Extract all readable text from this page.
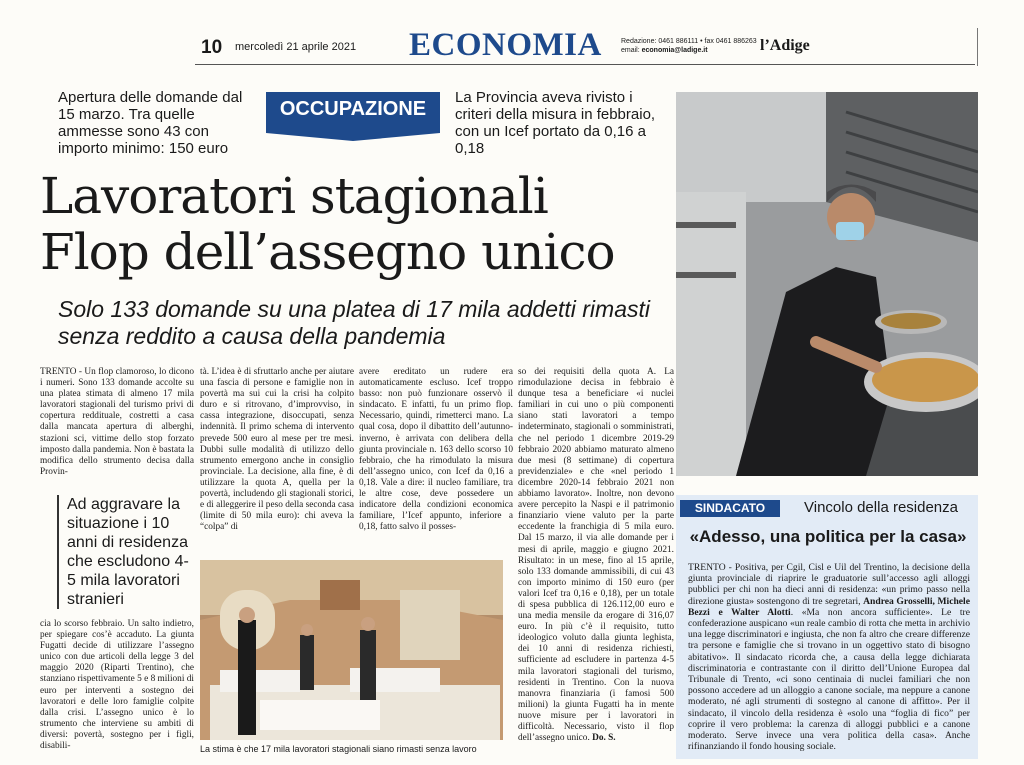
10 mercoledì 21 aprile 2021 ECONOMIA	Redazione: 0461 886111 • fax 0461 886263
email: economia@ladige.it	l’Adige
Apertura delle domande dal 15 marzo. Tra quelle ammesse sono 43 con importo minimo: 150 euro
OCCUPAZIONE
La Provincia aveva rivisto i criteri della misura in febbraio, con un Icef portato da 0,16 a 0,18
Lavoratori stagionali
Flop dell’assegno unico
Solo 133 domande su una platea di 17 mila addetti rimasti senza reddito a causa della pandemia
TRENTO - Un flop clamoroso, lo dicono i numeri. Sono 133 domande accolte su una platea stimata di almeno 17 mila lavoratori stagionali del turismo privi di copertura reddituale, costretti a casa dalla mancata apertura di alberghi, stazioni sci, vittime dello stop forzato imposto dalla pandemia. Non è bastata la modifica dello strumento decisa dalla Provin-
Ad aggravare la situazione i 10 anni di residenza che escludono 4-5 mila lavoratori stranieri
cia lo scorso febbraio. Un salto indietro, per spiegare cos’è accaduto. La giunta Fugatti decide di utilizzare l’assegno unico con due articoli della legge 3 del maggio 2020 (Riparti Trentino), che stanziano rispettivamente 5 e 8 milioni di euro per interventi a sostegno dei lavoratori e delle loro famiglie colpite dalla crisi. L’assegno unico è lo strumento che interviene su ambiti di diversi: povertà, sostegno per i figli, disabili-
tà. L’idea è di sfruttarlo anche per aiutare una fascia di persone e famiglie non in povertà ma sui cui la crisi ha colpito duro e si ritrovano, d’improvviso, in cassa integrazione, disoccupati, senza indennità. Il primo schema di intervento prevede 500 euro al mese per tre mesi. Dubbi sulle modalità di utilizzo dello strumento emergono anche in consiglio provinciale. La decisione, alla fine, è di utilizzare la quota A, quella per la povertà, includendo gli stagionali storici, e di alleggerire il peso della seconda casa (limite di 50 mila euro): chi aveva la “colpa” di
avere ereditato un rudere era automaticamente escluso. Icef troppo basso: non può funzionare osservò il sindacato. E infatti, fu un primo flop. Necessario, quindi, rimetterci mano. La qual cosa, dopo il dibattito dell’autunno-inverno, è arrivata con delibera della giunta provinciale n. 163 dello scorso 10 febbraio, che ha rimodulato la misura dell’assegno unico, con Icef da 0,16 a 0,18. Vale a dire: il nucleo familiare, tra le altre cose, deve possedere un indicatore della condizioni economica familiare, l’Icef appunto, inferiore a 0,18, fatto salvo il posses-
so dei requisiti della quota A. La rimodulazione decisa in febbraio è dunque tesa a beneficiare «i nuclei familiari in cui uno o più componenti siano stati lavoratori a tempo indeterminato, stagionali o somministrati, che nel periodo 1 dicembre 2019-29 febbraio 2020 abbiamo maturato almeno due mesi (8 settimane) di copertura previdenziale» e che «nel periodo 1 dicembre 2020-14 febbraio 2021 non abbiamo lavorato». Inoltre, non devono avere percepito la Naspi e il patrimonio finanziario viene valuto per la parte eccedente la franchigia di 5 mila euro. Dal 15 marzo, il via alle domande per i mesi di aprile, maggio e giugno 2021. Risultato: in un mese, fino al 15 aprile, solo 133 domande ammissibili, di cui 43 con importo minimo di 150 euro (per valori Icef tra 0,16 e 0,18), per un totale di spesa pubblica di 126.112,00 euro e una media mensile da erogare di 316,07 euro. In più c’è il requisito, tutto ideologico voluto dalla giunta leghista, dei 10 anni di residenza richiesti, sufficiente ad escludere in partenza 4-5 mila lavoratori stagionali del turismo, residenti in Trentino. Con la nuova manovra finanziaria (i famosi 500 milioni) la giunta Fugatti ha in mente nuove misure per i lavoratori in difficoltà. Necessario, visto il flop dell’assegno unico. Do. S.
La stima è che 17 mila lavoratori stagionali siano rimasti senza lavoro
SINDACATO	Vincolo della residenza
«Adesso, una politica per la casa»
TRENTO - Positiva, per Cgil, Cisl e Uil del Trentino, la decisione della giunta provinciale di riaprire le graduatorie sull’accesso agli alloggi pubblici per chi non ha dieci anni di residenza: «un primo passo nella direzione giusta» sostengono di tre segretari, Andrea Grosselli, Michele Bezzi e Walter Alotti. «Ma non ancora sufficiente». Le tre confederazione auspicano «un reale cambio di rotta che metta in archivio una legge discriminatori e ingiusta, che non fa altro che creare differenze tra persone e famiglie che si trovano in un oggettivo stato di bisogno abitativo». Il sindacato ricorda che, a causa della legge dichiarata discriminatoria e contrastante con il diritto dell’Unione Europea dal Tribunale di Trento, «ci sono centinaia di nuclei familiari che non possono accedere ad un alloggio a canone sociale, ma neppure a canone moderato, né agli strumenti di sostegno al canone di affitto». Per il sindacato, il vincolo della residenza è «solo una “foglia di fico” per coprire il vero problema: la carenza di alloggi pubblici e a canone moderato. Serve invece una vera politica della casa». Anche rifinanziando il fondo housing sociale.
